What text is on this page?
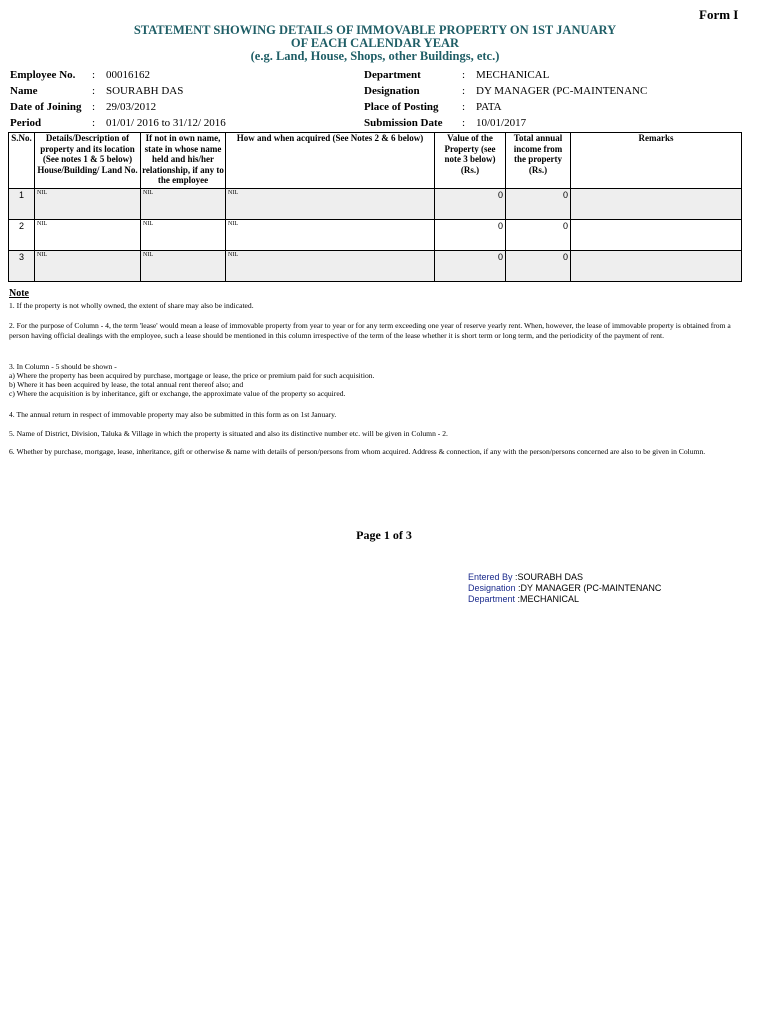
Form I
STATEMENT SHOWING DETAILS OF IMMOVABLE PROPERTY ON 1ST JANUARY
OF EACH CALENDAR YEAR
(e.g. Land, House, Shops, other Buildings, etc.)
Employee No. : 00016162
Name	: SOURABH DAS
Date of Joining : 29/03/2012
Period	: 01/01/ 2016 to 31/12/ 2016
Department	: MECHANICAL
Designation	: DY MANAGER (PC-MAINTENANC
Place of Posting : PATA
Submission Date : 10/01/2017
S.No.	Details/Description of property and its location (See notes 1 & 5 below) House/Building/ Land No.	If not in own name, state in whose name held and his/her relationship, if any to the employee	How and when acquired (See Notes 2 & 6 below)	Value of the Property (see note 3 below) (Rs.)	Total annual income from the property (Rs.)	Remarks
1	NIL	NIL	NIL	0	0	
2	NIL	NIL	NIL	0	0	
3	NIL	NIL	NIL	0	0	
Note

1. If the property is not wholly owned, the extent of share may also be indicated.

2. For the purpose of Column - 4, the term 'lease' would mean a lease of immovable property from year to year or for any term exceeding one year of reserve yearly rent. When, however, the lease of immovable property is obtained from a person having official dealings with the employee, such a lease should be mentioned in this column irrespective of the term of the lease whether it is short term or long term, and the periodicity of the payment of rent.

3. In Column - 5 should be shown -

a) Where the property has been acquired by purchase, mortgage or lease, the price or premium paid for such acquisition.

b) Where it has been acquired by lease, the total annual rent thereof also; and

c) Where the acquisition is by inheritance, gift or exchange, the approximate value of the property so acquired.

4. The annual return in respect of immovable property may also be submitted in this form as on 1st January.

5. Name of District, Division, Taluka & Village in which the property is situated and also its distinctive number etc. will be given in Column - 2.

6. Whether by purchase, mortgage, lease, inheritance, gift or otherwise & name with details of person/persons from whom acquired. Address & connection, if any with the person/persons concerned are also to be given in Column.

Page 1 of 3
Entered By :SOURABH DAS
Designation :DY MANAGER (PC-MAINTENANC
Department :MECHANICAL
